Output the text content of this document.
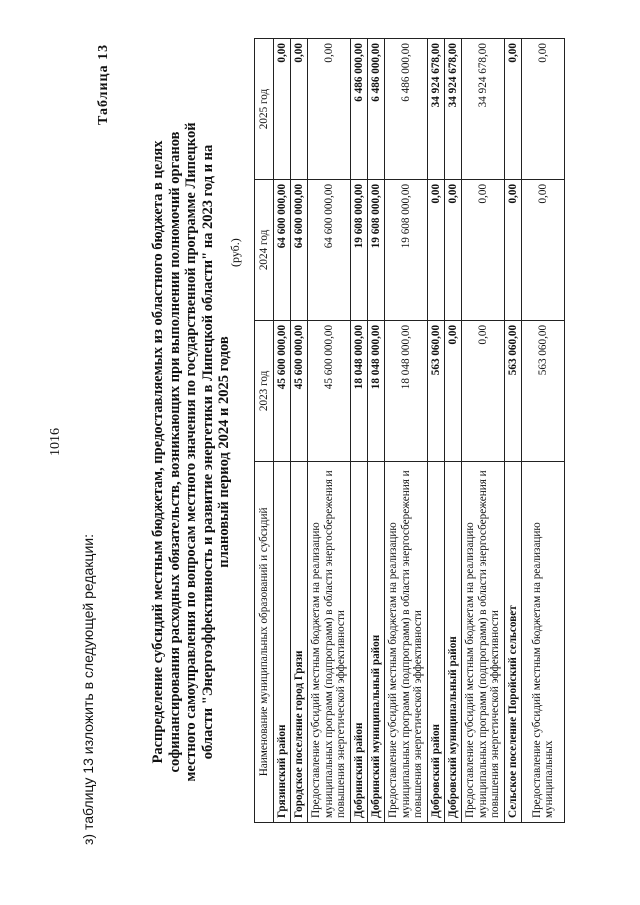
1016
з) таблицу 13 изложить в следующей редакции:
Таблица 13
Распределение субсидий местным бюджетам, предоставляемых из областного бюджета в целях софинансирования расходных обязательств, возникающих при выполнении полномочий органов местного самоуправления по вопросам местного значения по государственной программе Липецкой области "Энергоэффективность и развитие энергетики в Липецкой области" на 2023 год и на плановый период 2024 и 2025 годов
(руб.)
Наименование муниципальных образований и субсидий	2023 год	2024 год	2025 год
Грязинский район	45 600 000,00	64 600 000,00	0,00
Городское поселение город Грязи	45 600 000,00	64 600 000,00	0,00
Предоставление субсидий местным бюджетам на реализацию муниципальных программ (подпрограмм) в области энергосбережения и повышения энергетической эффективности	45 600 000,00	64 600 000,00	0,00
Добринский район	18 048 000,00	19 608 000,00	6 486 000,00
Добринский муниципальный район	18 048 000,00	19 608 000,00	6 486 000,00
Предоставление субсидий местным бюджетам на реализацию муниципальных программ (подпрограмм) в области энергосбережения и повышения энергетической эффективности	18 048 000,00	19 608 000,00	6 486 000,00
Добровский район	563 060,00	0,00	34 924 678,00
Добровский муниципальный район	0,00	0,00	34 924 678,00
Предоставление субсидий местным бюджетам на реализацию муниципальных программ (подпрограмм) в области энергосбережения и повышения энергетической эффективности	0,00	0,00	34 924 678,00
Сельское поселение Порой​ский сельсовет	563 060,00	0,00	0,00
Предоставление субсидий местным бюджетам на реализацию муниципальных	563 060,00	0,00	0,00
